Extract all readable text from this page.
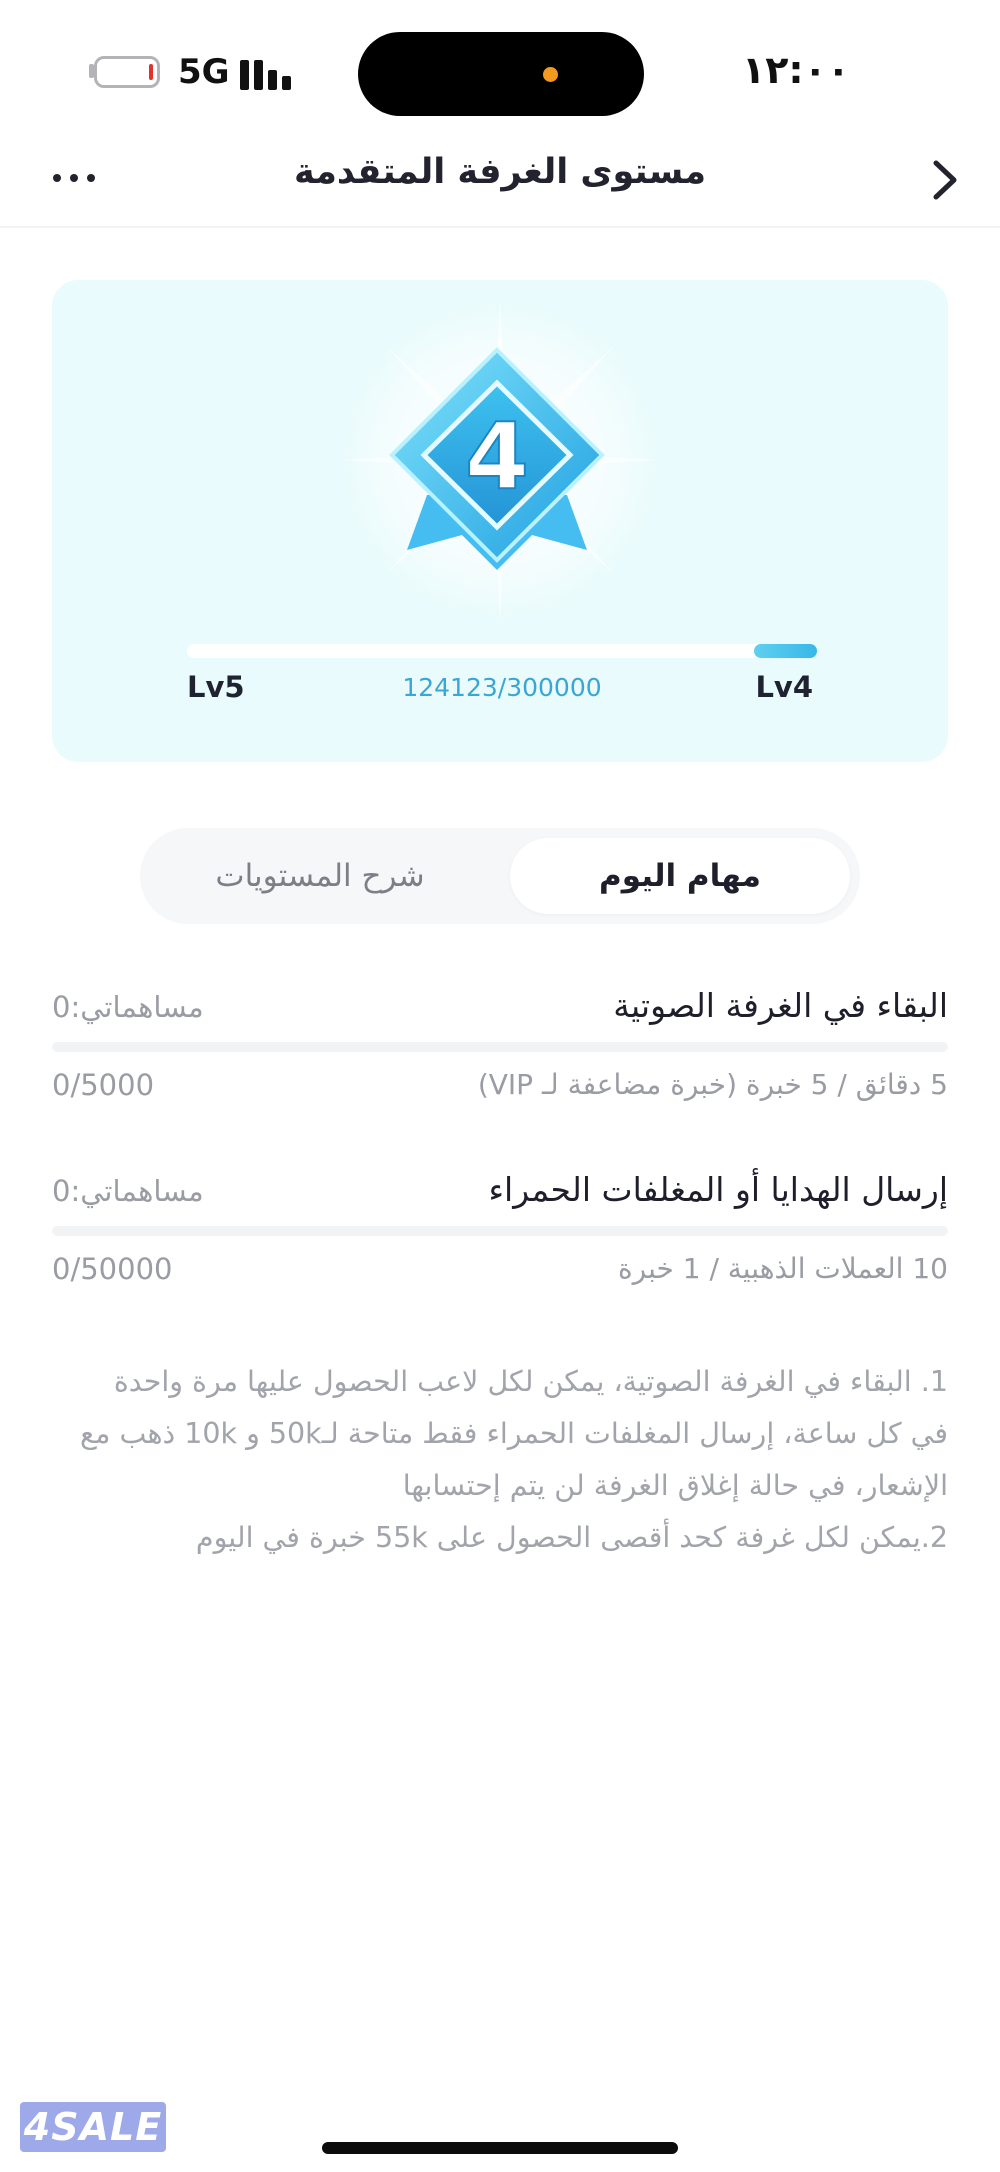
١٢:٠٠
5G
مستوى الغرفة المتقدمة
4
Lv5	124123/300000	Lv4
مهام اليوم
شرح المستويات
البقاء في الغرفة الصوتية
مساهماتي:0
5 دقائق / 5 خبرة (خبرة مضاعفة لـ VIP)
0/5000
إرسال الهدايا أو المغلفات الحمراء
مساهماتي:0
10 العملات الذهبية / 1 خبرة
0/50000

1. البقاء في الغرفة الصوتية، يمكن لكل لاعب الحصول عليها مرة واحدة في كل ساعة، إرسال المغلفات الحمراء فقط متاحة لـ50k و 10k ذهب مع الإشعار، في حالة إغلاق الغرفة لن يتم إحتسابها

2.يمكن لكل غرفة كحد أقصى الحصول على 55k خبرة في اليوم

4SALE
